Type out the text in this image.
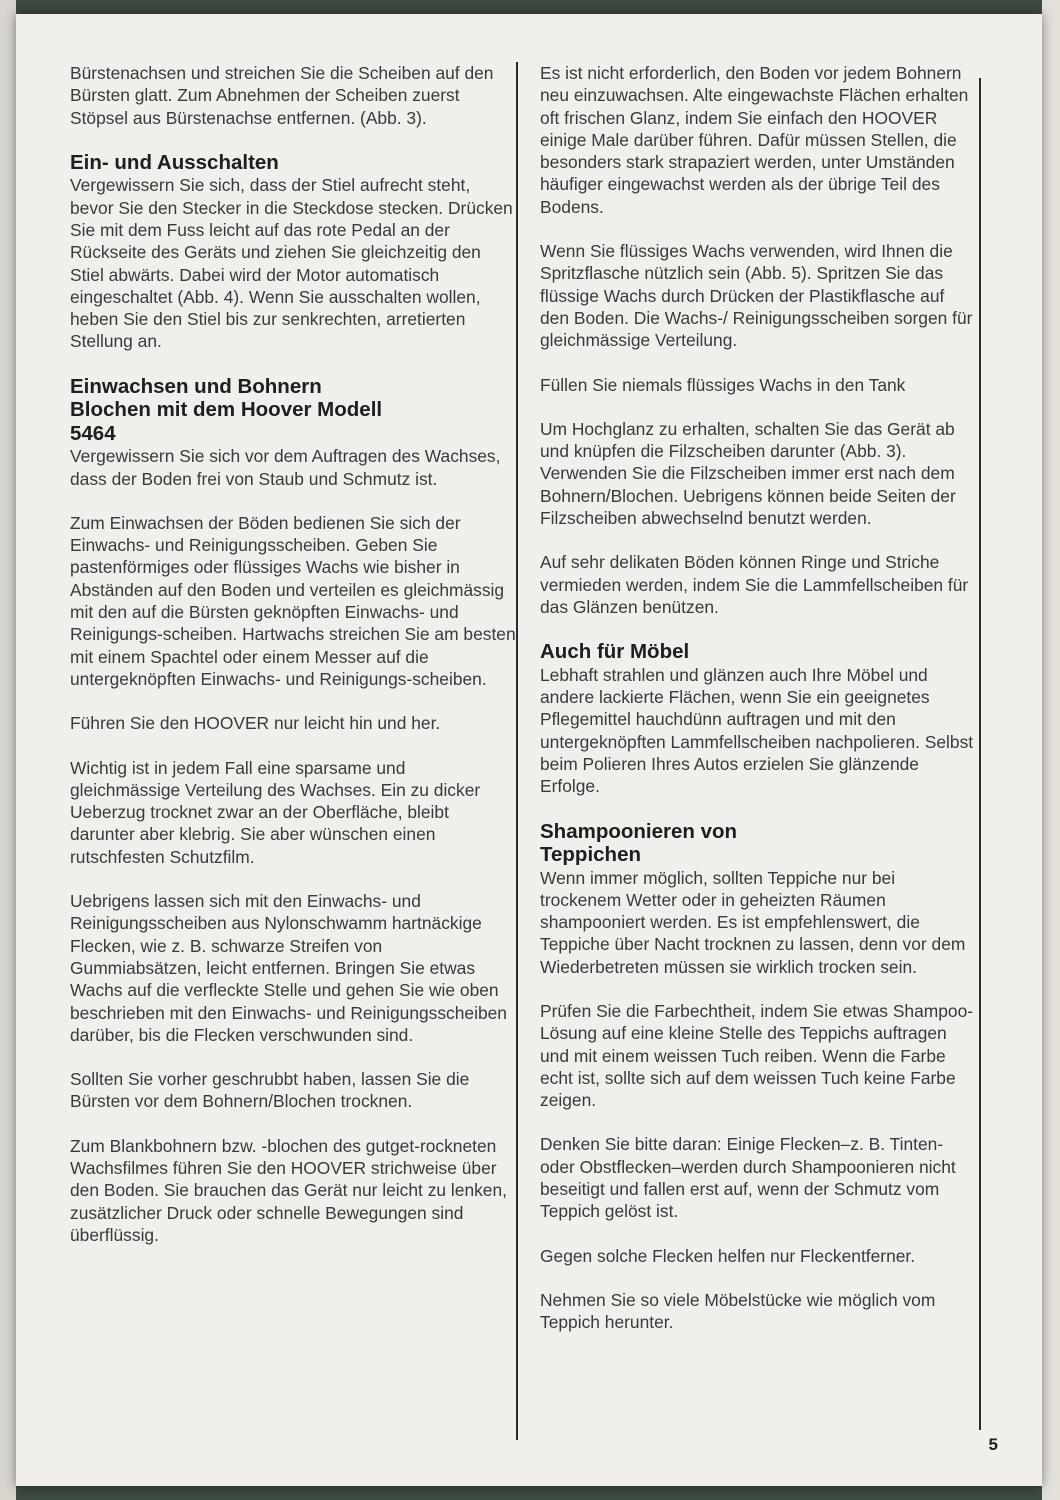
Bürstenachsen und streichen Sie die Scheiben auf den Bürsten glatt. Zum Abnehmen der Scheiben zuerst Stöpsel aus Bürstenachse entfernen. (Abb. 3).

Ein- und Ausschalten

Vergewissern Sie sich, dass der Stiel aufrecht steht, bevor Sie den Stecker in die Steckdose stecken. Drücken Sie mit dem Fuss leicht auf das rote Pedal an der Rückseite des Geräts und ziehen Sie gleichzeitig den Stiel abwärts. Dabei wird der Motor automatisch eingeschaltet (Abb. 4). Wenn Sie ausschalten wollen, heben Sie den Stiel bis zur senkrechten, arretierten Stellung an.

Einwachsen und Bohnern Blochen mit dem Hoover Modell 5464

Vergewissern Sie sich vor dem Auftragen des Wachses, dass der Boden frei von Staub und Schmutz ist.

Zum Einwachsen der Böden bedienen Sie sich der Einwachs- und Reinigungsscheiben. Geben Sie pastenförmiges oder flüssiges Wachs wie bisher in Abständen auf den Boden und verteilen es gleichmässig mit den auf die Bürsten geknöpften Einwachs- und Reinigungs-scheiben. Hartwachs streichen Sie am besten mit einem Spachtel oder einem Messer auf die untergeknöpften Einwachs- und Reinigungs-scheiben.

Führen Sie den HOOVER nur leicht hin und her.

Wichtig ist in jedem Fall eine sparsame und gleichmässige Verteilung des Wachses. Ein zu dicker Ueberzug trocknet zwar an der Oberfläche, bleibt darunter aber klebrig. Sie aber wünschen einen rutschfesten Schutzfilm.

Uebrigens lassen sich mit den Einwachs- und Reinigungsscheiben aus Nylonschwamm hartnäckige Flecken, wie z. B. schwarze Streifen von Gummiabsätzen, leicht entfernen. Bringen Sie etwas Wachs auf die verfleckte Stelle und gehen Sie wie oben beschrieben mit den Einwachs- und Reinigungsscheiben darüber, bis die Flecken verschwunden sind.

Sollten Sie vorher geschrubbt haben, lassen Sie die Bürsten vor dem Bohnern/Blochen trocknen.

Zum Blankbohnern bzw. -blochen des gutget-rockneten Wachsfilmes führen Sie den HOOVER strichweise über den Boden. Sie brauchen das Gerät nur leicht zu lenken, zusätzlicher Druck oder schnelle Bewegungen sind überflüssig.

Es ist nicht erforderlich, den Boden vor jedem Bohnern neu einzuwachsen. Alte eingewachste Flächen erhalten oft frischen Glanz, indem Sie einfach den HOOVER einige Male darüber führen. Dafür müssen Stellen, die besonders stark strapaziert werden, unter Umständen häufiger eingewachst werden als der übrige Teil des Bodens.

Wenn Sie flüssiges Wachs verwenden, wird Ihnen die Spritzflasche nützlich sein (Abb. 5). Spritzen Sie das flüssige Wachs durch Drücken der Plastikflasche auf den Boden. Die Wachs-/ Reinigungsscheiben sorgen für gleichmässige Verteilung.

Füllen Sie niemals flüssiges Wachs in den Tank

Um Hochglanz zu erhalten, schalten Sie das Gerät ab und knüpfen die Filzscheiben darunter (Abb. 3). Verwenden Sie die Filzscheiben immer erst nach dem Bohnern/Blochen. Uebrigens können beide Seiten der Filzscheiben abwechselnd benutzt werden.

Auf sehr delikaten Böden können Ringe und Striche vermieden werden, indem Sie die Lammfellscheiben für das Glänzen benützen.

Auch für Möbel

Lebhaft strahlen und glänzen auch Ihre Möbel und andere lackierte Flächen, wenn Sie ein geeignetes Pflegemittel hauchdünn auftragen und mit den untergeknöpften Lammfellscheiben nachpolieren. Selbst beim Polieren Ihres Autos erzielen Sie glänzende Erfolge.

Shampoonieren von Teppichen

Wenn immer möglich, sollten Teppiche nur bei trockenem Wetter oder in geheizten Räumen shampooniert werden. Es ist empfehlenswert, die Teppiche über Nacht trocknen zu lassen, denn vor dem Wiederbetreten müssen sie wirklich trocken sein.

Prüfen Sie die Farbechtheit, indem Sie etwas Shampoo-Lösung auf eine kleine Stelle des Teppichs auftragen und mit einem weissen Tuch reiben. Wenn die Farbe echt ist, sollte sich auf dem weissen Tuch keine Farbe zeigen.

Denken Sie bitte daran: Einige Flecken–z. B. Tinten- oder Obstflecken–werden durch Shampoonieren nicht beseitigt und fallen erst auf, wenn der Schmutz vom Teppich gelöst ist.

Gegen solche Flecken helfen nur Fleckentferner.

Nehmen Sie so viele Möbelstücke wie möglich vom Teppich herunter.

5
